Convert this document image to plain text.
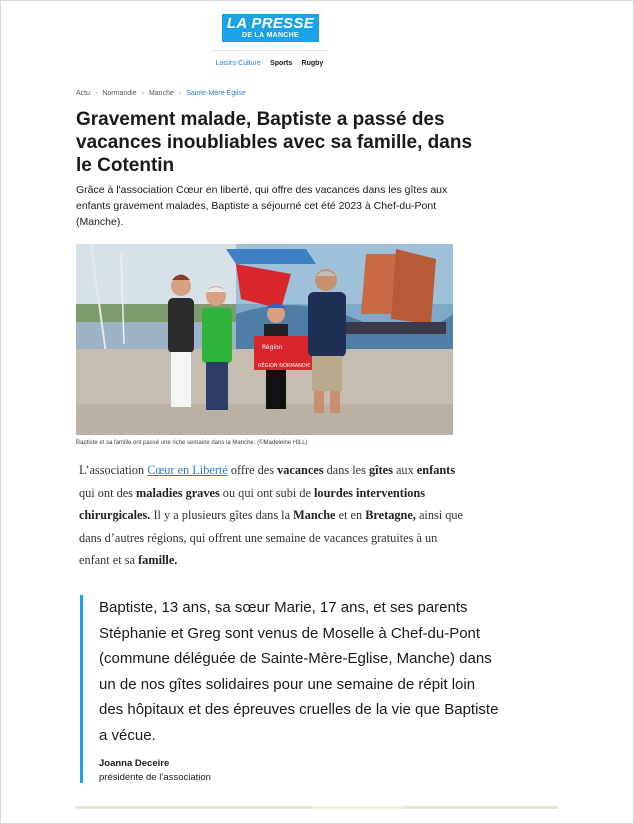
LA PRESSE
DE LA MANCHE
Loisirs-Culture Sports Rugby
Actu › Normandie › Manche › Sainte-Mère-Église
Gravement malade, Baptiste a passé des vacances inoubliables avec sa famille, dans le Cotentin

Grâce à l'association Cœur en liberté, qui offre des vacances dans les gîtes aux enfants gravement malades, Baptiste a séjourné cet été 2023 à Chef-du-Pont (Manche).

Région
RÉGION NORMANDIE
Baptiste et sa famille ont passé une riche semaine dans la Manche. (©Madeleine HILL)

L’association Cœur en Liberté offre des vacances dans les gîtes aux enfants qui ont des maladies graves ou qui ont subi de lourdes interventions chirurgicales. Il y a plusieurs gîtes dans la Manche et en Bretagne, ainsi que dans d’autres régions, qui offrent une semaine de vacances gratuites à un enfant et sa famille.

Baptiste, 13 ans, sa sœur Marie, 17 ans, et ses parents Stéphanie et Greg sont venus de Moselle à Chef-du-Pont (commune déléguée de Sainte-Mère-Eglise, Manche) dans un de nos gîtes solidaires pour une semaine de répit loin des hôpitaux et des épreuves cruelles de la vie que Baptiste a vécue.

Joanna Deceire
présidente de l’association
